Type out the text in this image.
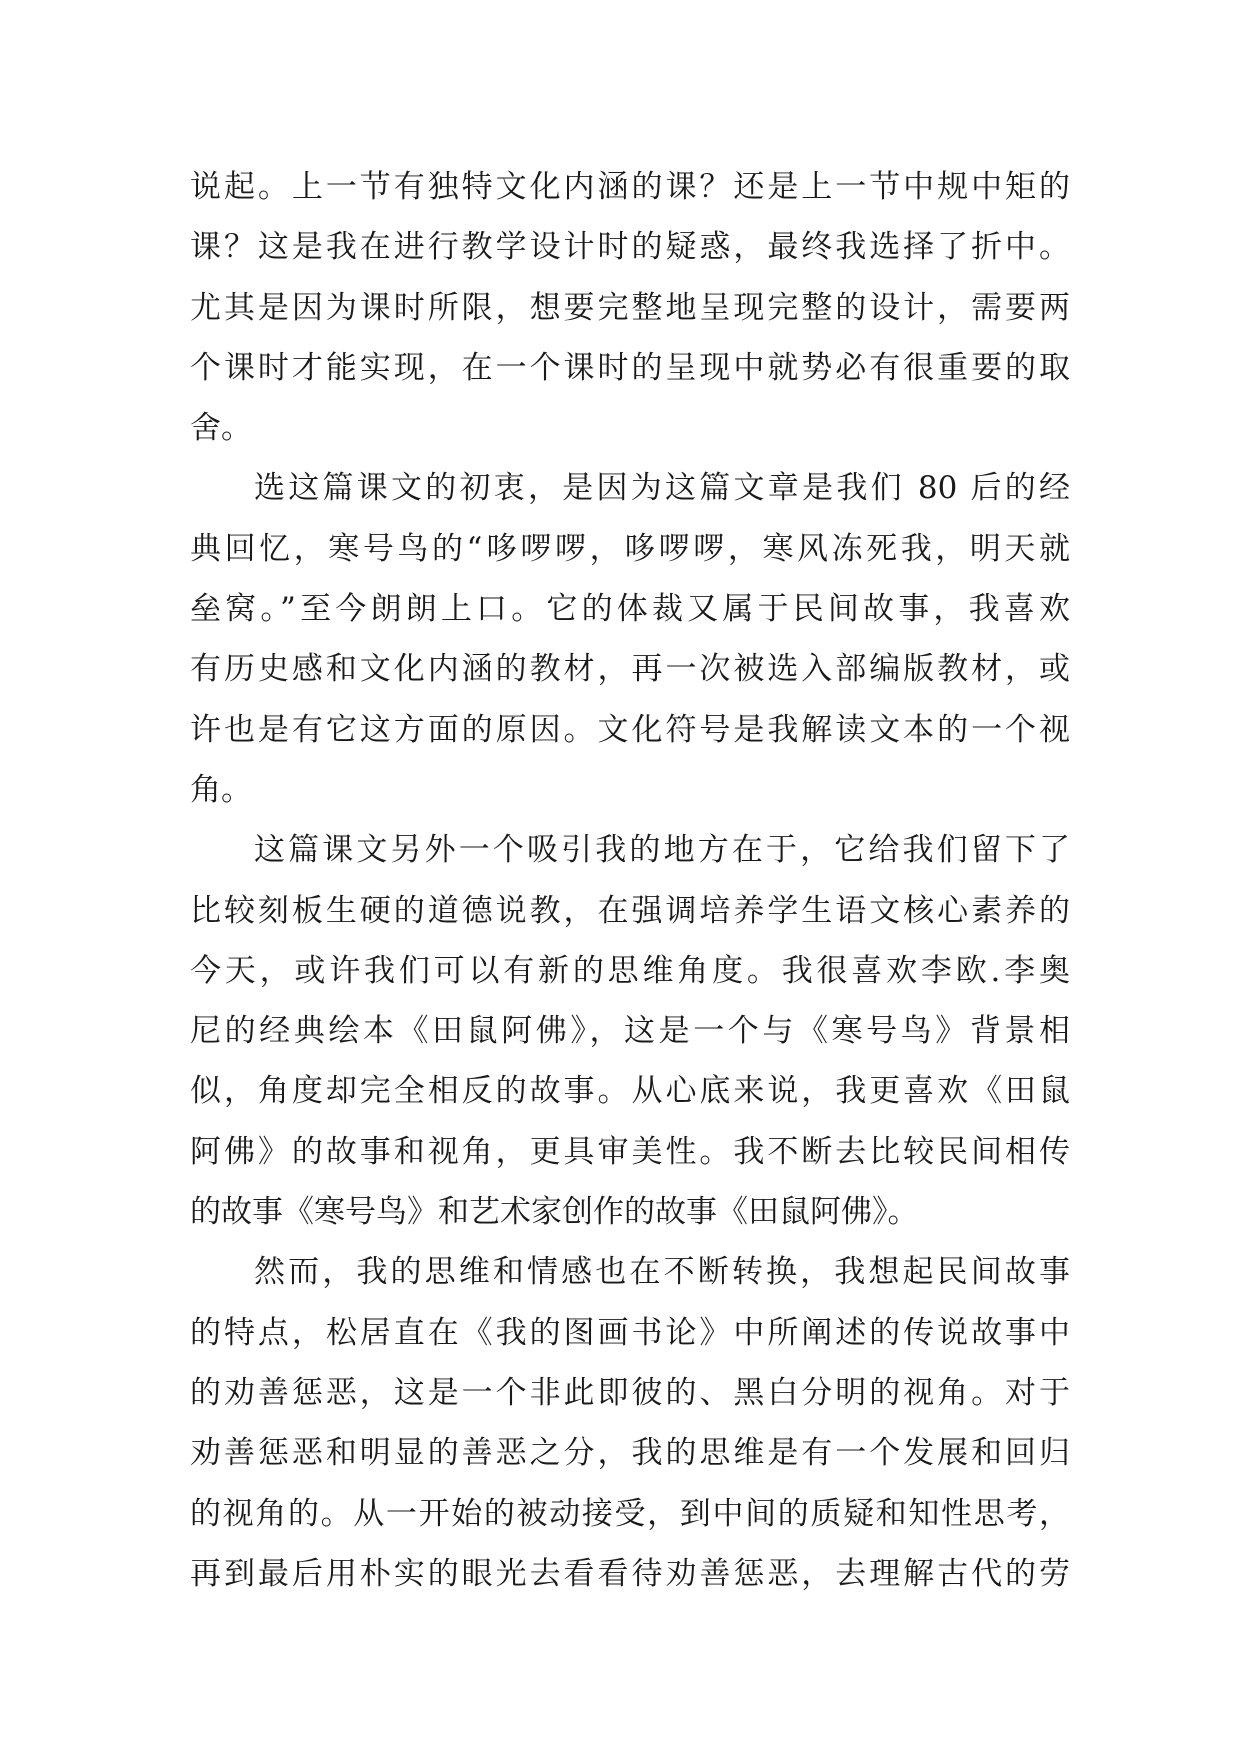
说起。上一节有独特文化内涵的课？还是上一节中规中矩的
课？这是我在进行教学设计时的疑惑，最终我选择了折中。
尤其是因为课时所限，想要完整地呈现完整的设计，需要两
个课时才能实现，在一个课时的呈现中就势必有很重要的取
舍。
选这篇课文的初衷，是因为这篇文章是我们 80 后的经
典回忆，寒号鸟的“哆啰啰，哆啰啰，寒风冻死我，明天就
垒窝。”至今朗朗上口。它的体裁又属于民间故事，我喜欢
有历史感和文化内涵的教材，再一次被选入部编版教材，或
许也是有它这方面的原因。文化符号是我解读文本的一个视
角。
这篇课文另外一个吸引我的地方在于，它给我们留下了
比较刻板生硬的道德说教，在强调培养学生语文核心素养的
今天，或许我们可以有新的思维角度。我很喜欢李欧.李奥
尼的经典绘本《田鼠阿佛》，这是一个与《寒号鸟》背景相
似，角度却完全相反的故事。从心底来说，我更喜欢《田鼠
阿佛》的故事和视角，更具审美性。我不断去比较民间相传
的故事《寒号鸟》和艺术家创作的故事《田鼠阿佛》。
然而，我的思维和情感也在不断转换，我想起民间故事
的特点，松居直在《我的图画书论》中所阐述的传说故事中
的劝善惩恶，这是一个非此即彼的、黑白分明的视角。对于
劝善惩恶和明显的善恶之分，我的思维是有一个发展和回归
的视角的。从一开始的被动接受，到中间的质疑和知性思考，
再到最后用朴实的眼光去看看待劝善惩恶，去理解古代的劳
